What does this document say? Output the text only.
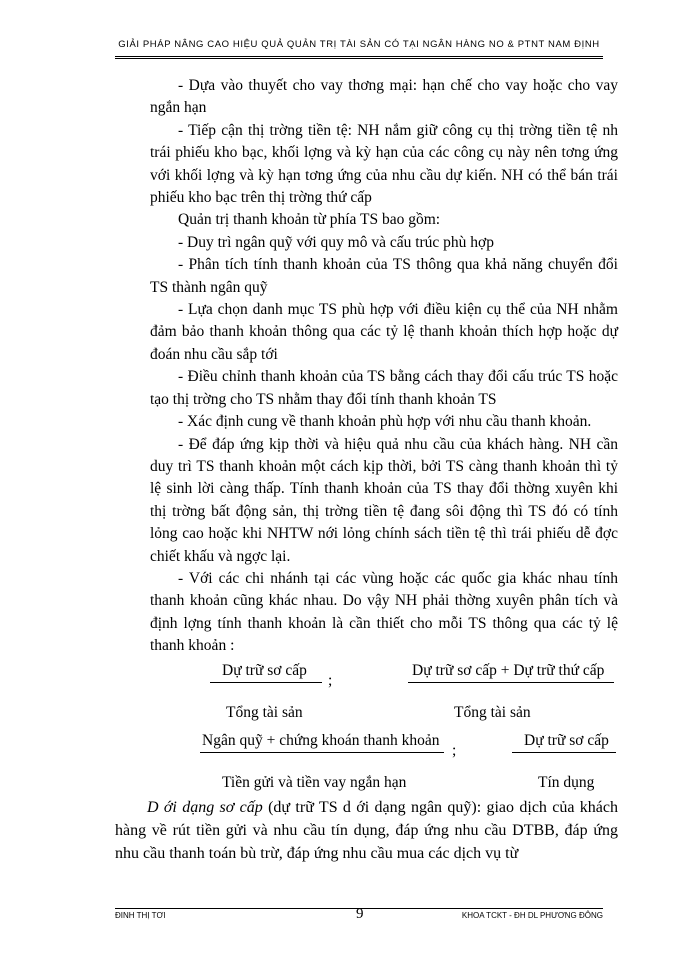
GIẢI PHÁP NÂNG CAO HIỆU QUẢ QUẢN TRỊ TÀI SẢN CÓ TẠI NGÂN HÀNG NO & PTNT NAM ĐỊNH

- Dựa vào thuyết cho vay thơng mại: hạn chế cho vay hoặc cho vay ngắn hạn

- Tiếp cận thị trờng tiền tệ: NH nắm giữ công cụ thị trờng tiền tệ nh trái phiếu kho bạc, khối lợng và kỳ hạn của các công cụ này nên tơng ứng với khối lợng và kỳ hạn tơng ứng của nhu cầu dự kiến. NH có thể bán trái phiếu kho bạc trên thị trờng thứ cấp

Quản trị thanh khoản từ phía TS bao gồm:

- Duy trì ngân quỹ với quy mô và cấu trúc phù hợp

- Phân tích tính thanh khoản của TS thông qua khả năng chuyển đổi TS thành ngân quỹ

- Lựa chọn danh mục TS phù hợp với điều kiện cụ thể của NH nhằm đảm bảo thanh khoản thông qua các tỷ lệ thanh khoản thích hợp hoặc dự đoán nhu cầu sắp tới

- Điều chỉnh thanh khoản của TS bằng cách thay đổi cấu trúc TS hoặc tạo thị trờng cho TS nhằm thay đổi tính thanh khoản TS

- Xác định cung về thanh khoản phù hợp với nhu cầu thanh khoản.

- Để đáp ứng kịp thời và hiệu quả nhu cầu của khách hàng. NH cần duy trì TS thanh khoản một cách kịp thời, bởi TS càng thanh khoản thì tỷ lệ sinh lời càng thấp. Tính thanh khoản của TS thay đổi thờng xuyên khi thị trờng bất động sản, thị trờng tiền tệ đang sôi động thì TS đó có tính lỏng cao hoặc khi NHTW nới lỏng chính sách tiền tệ thì trái phiếu dễ đợc chiết khấu và ngợc lại.

- Với các chi nhánh tại các vùng hoặc các quốc gia khác nhau tính thanh khoản cũng khác nhau. Do vậy NH phải thờng xuyên phân tích và định lợng tính thanh khoản là cần thiết cho mỗi TS thông qua các tỷ lệ thanh khoản :

Dự trữ sơ cấp
;
Tổng tài sản
Dự trữ sơ cấp + Dự trữ thứ cấp
Tổng tài sản
Ngân quỹ + chứng khoán thanh khoản
;
Tiền gửi và tiền vay ngắn hạn
Dự trữ sơ cấp
Tín dụng

D ới dạng sơ cấp (dự trữ TS d ới dạng ngân quỹ): giao dịch của khách hàng về rút tiền gửi và nhu cầu tín dụng, đáp ứng nhu cầu DTBB, đáp ứng nhu cầu thanh toán bù trừ, đáp ứng nhu cầu mua các dịch vụ từ

ĐINH THỊ TƠI	9	KHOA TCKT - ĐH DL PHƯƠNG ĐÔNG
